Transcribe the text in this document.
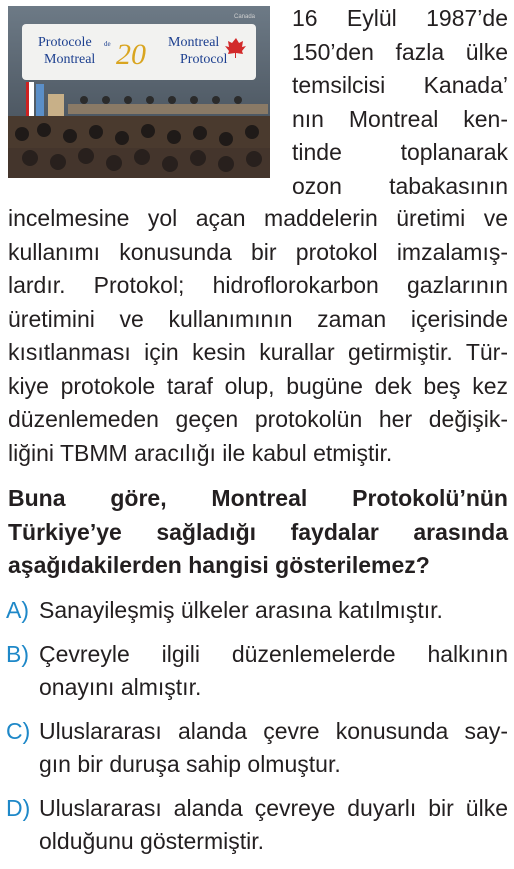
Protocole de
Montreal 20 Montreal
Protocol
Canada 16 Eylül 1987’de
150’den fazla ülke
temsilcisi Kanada’
nın Montreal ken-
tinde toplanarak
ozon tabakasının
incelmesine yol açan maddelerin üretimi ve
kullanımı konusunda bir protokol imzalamış-
lardır. Protokol; hidroflorokarbon gazlarının
üretimini ve kullanımının zaman içerisinde
kısıtlanması için kesin kurallar getirmiştir. Tür-
kiye protokole taraf olup, bugüne dek beş kez
düzenlemeden geçen protokolün her değişik-
liğini TBMM aracılığı ile kabul etmiştir.
Buna göre, Montreal Protokolü’nün
Türkiye’ye sağladığı faydalar arasında
aşağıdakilerden hangisi gösterilemez?
A) Sanayileşmiş ülkeler arasına katılmıştır.
B) Çevreyle ilgili düzenlemelerde halkının
onayını almıştır.
C) Uluslararası alanda çevre konusunda say-
gın bir duruşa sahip olmuştur.
D) Uluslararası alanda çevreye duyarlı bir ülke
olduğunu göstermiştir.
